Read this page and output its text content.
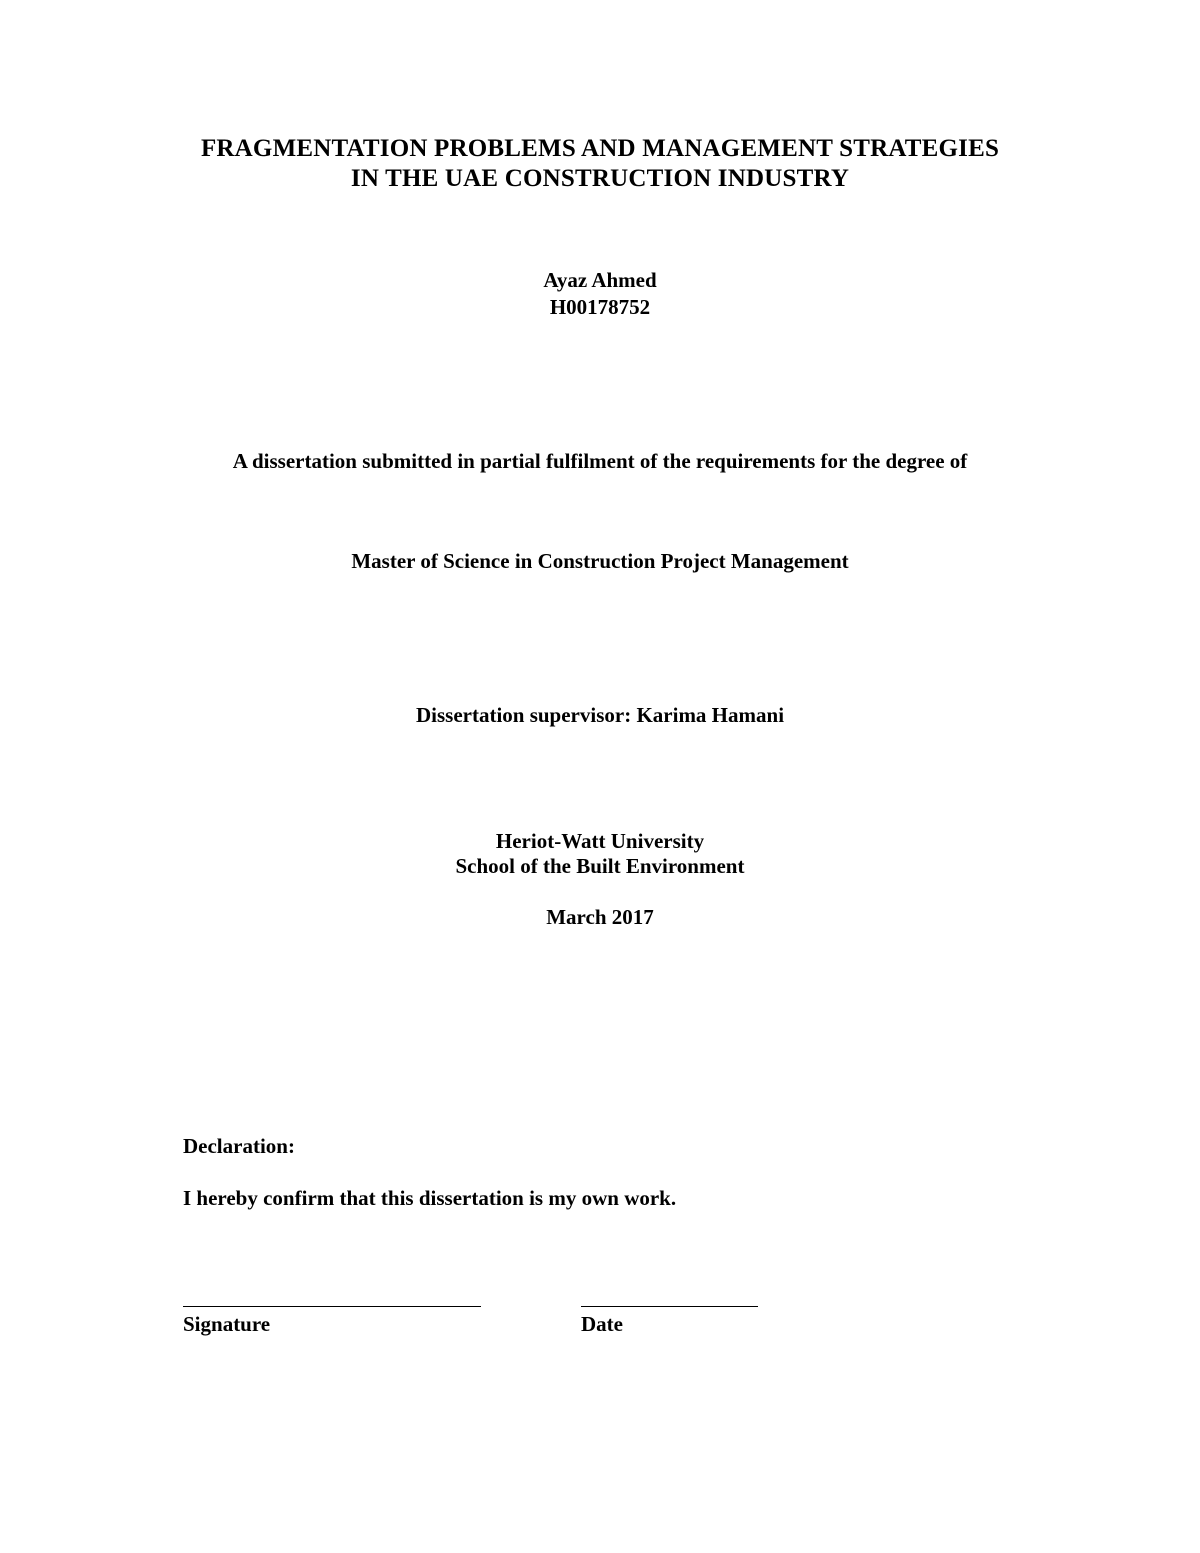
FRAGMENTATION PROBLEMS AND MANAGEMENT STRATEGIES
IN THE UAE CONSTRUCTION INDUSTRY
Ayaz Ahmed
H00178752
A dissertation submitted in partial fulfilment of the requirements for the degree of
Master of Science in Construction Project Management
Dissertation supervisor: Karima Hamani
Heriot-Watt University
School of the Built Environment
March 2017
Declaration:
I hereby confirm that this dissertation is my own work.
Signature	Date
